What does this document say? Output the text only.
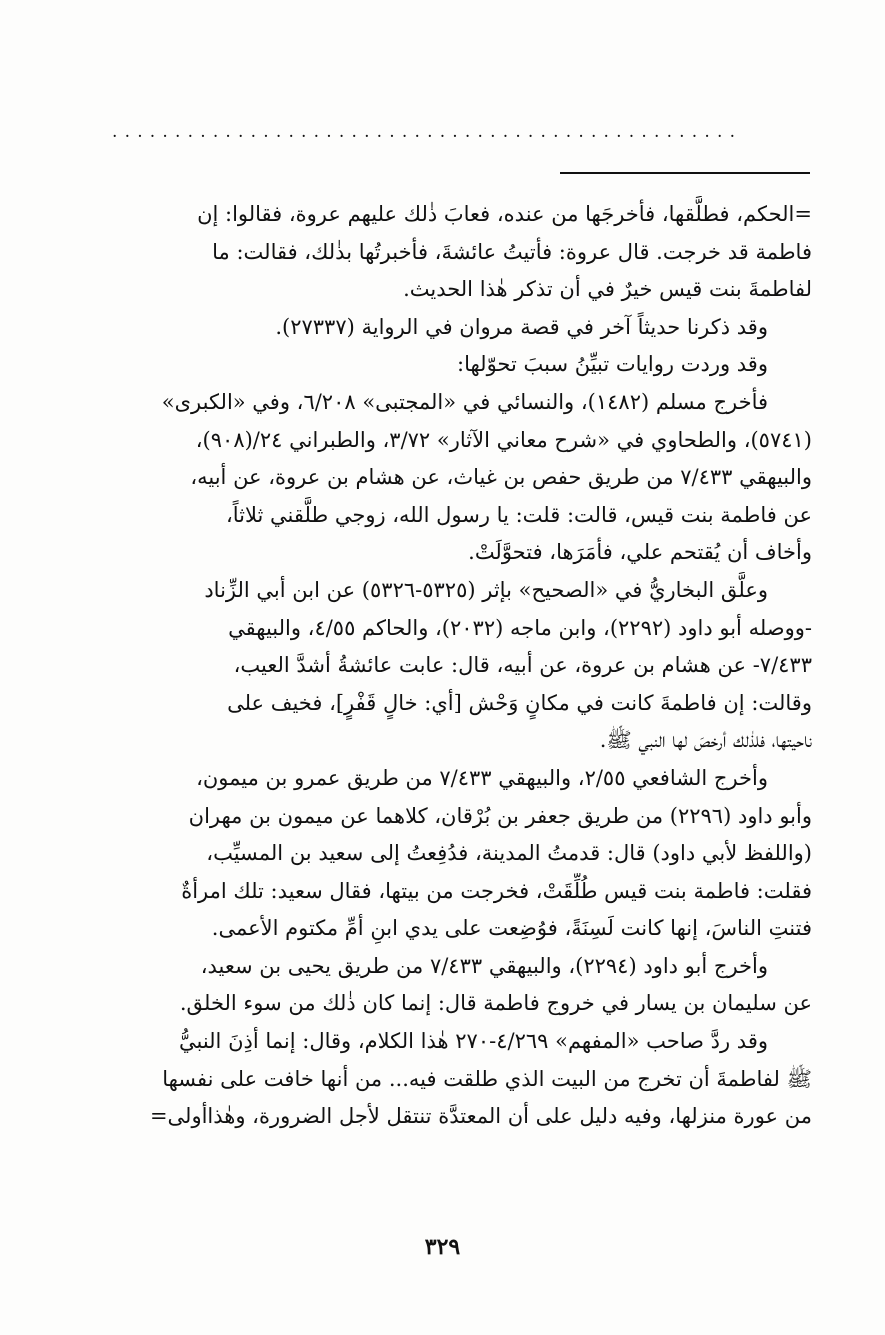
..................................................
=الحكم، فطلَّقها، فأخرجَها من عنده، فعابَ ذٰلك عليهم عروة، فقالوا: إن
فاطمة قد خرجت. قال عروة: فأتيتُ عائشةَ، فأخبرتُها بذٰلك، فقالت: ما
لفاطمةَ بنت قيس خيرٌ في أن تذكر هٰذا الحديث.
وقد ذكرنا حديثاً آخر في قصة مروان في الرواية (٢٧٣٣٧).
وقد وردت روايات تبيِّنُ سببَ تحوّلها:
فأخرج مسلم (١٤٨٢)، والنسائي في «المجتبى» ٦/٢٠٨، وفي «الكبرى»
(٥٧٤١)، والطحاوي في «شرح معاني الآثار» ٣/٧٢، والطبراني ٢٤/(٩٠٨)،
والبيهقي ٧/٤٣٣ من طريق حفص بن غياث، عن هشام بن عروة، عن أبيه،
عن فاطمة بنت قيس، قالت: قلت: يا رسول الله، زوجي طلَّقني ثلاثاً،
وأخاف أن يُقتحم علي، فأمَرَها، فتحوَّلَتْ.
وعلَّق البخاريُّ في «الصحيح» بإثر (٥٣٢٥-٥٣٢٦) عن ابن أبي الزِّناد
-ووصله أبو داود (٢٢٩٢)، وابن ماجه (٢٠٣٢)، والحاكم ٤/٥٥، والبيهقي
٧/٤٣٣- عن هشام بن عروة، عن أبيه، قال: عابت عائشةُ أشدَّ العيب،
وقالت: إن فاطمةَ كانت في مكانٍ وَحْش [أي: خالٍ قَفْرٍ]، فخيف على
ناحيتها، فلذٰلك أرخصَ لها النبي ﷺ.
وأخرج الشافعي ٢/٥٥، والبيهقي ٧/٤٣٣ من طريق عمرو بن ميمون،
وأبو داود (٢٢٩٦) من طريق جعفر بن بُرْقان، كلاهما عن ميمون بن مهران
(واللفظ لأبي داود) قال: قدمتُ المدينة، فدُفِعتُ إلى سعيد بن المسيِّب،
فقلت: فاطمة بنت قيس طُلِّقَتْ، فخرجت من بيتها، فقال سعيد: تلك امرأةٌ
فتنتِ الناسَ، إنها كانت لَسِنَةً، فوُضِعت على يدي ابنِ أمِّ مكتوم الأعمى.
وأخرج أبو داود (٢٢٩٤)، والبيهقي ٧/٤٣٣ من طريق يحيى بن سعيد،
عن سليمان بن يسار في خروج فاطمة قال: إنما كان ذٰلك من سوء الخلق.
وقد ردَّ صاحب «المفهم» ٤/٢٦٩-٢٧٠ هٰذا الكلام، وقال: إنما أذِنَ النبيُّ
ﷺ لفاطمةَ أن تخرج من البيت الذي طلقت فيه... من أنها خافت على نفسها
من عورة منزلها، وفيه دليل على أن المعتدَّة تنتقل لأجل الضرورة، وهٰذاأولى=
٣٢٩
